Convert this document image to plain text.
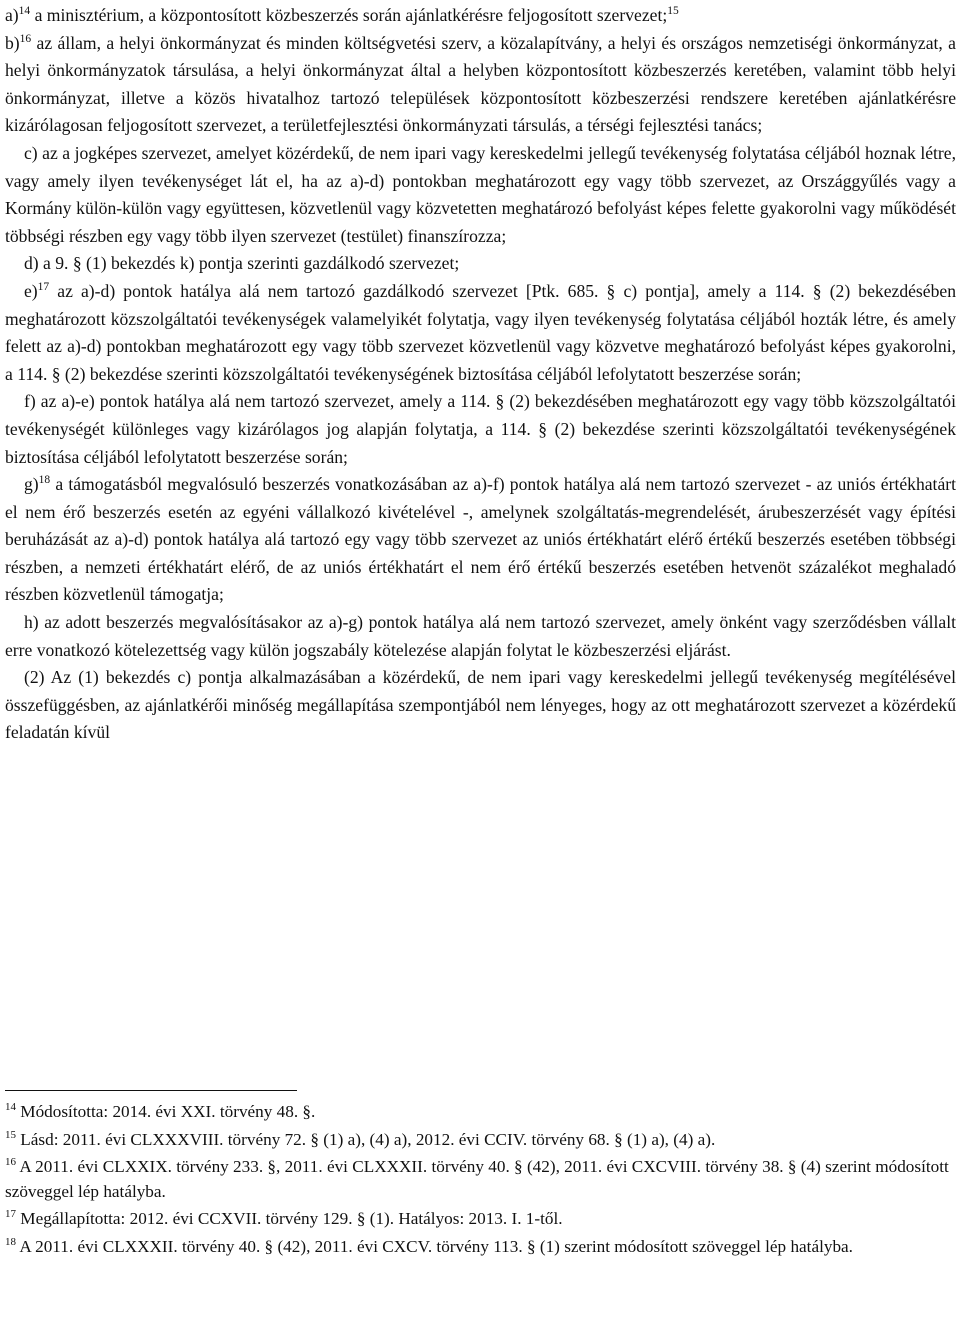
a)$^{14}$ a minisztérium, a központosított közbeszerzés során ajánlatkérésre feljogosított szervezet;$^{15}$

b)$^{16}$ az állam, a helyi önkormányzat és minden költségvetési szerv, a közalapítvány, a helyi és országos nemzetiségi önkormányzat, a helyi önkormányzatok társulása, a helyi önkormányzat által a helyben központosított közbeszerzés keretében, valamint több helyi önkormányzat, illetve a közös hivatalhoz tartozó települések központosított közbeszerzési rendszere keretében ajánlatkérésre kizárólagosan feljogosított szervezet, a területfejlesztési önkormányzati társulás, a térségi fejlesztési tanács;

c) az a jogképes szervezet, amelyet közérdekű, de nem ipari vagy kereskedelmi jellegű tevékenység folytatása céljából hoznak létre, vagy amely ilyen tevékenységet lát el, ha az a)-d) pontokban meghatározott egy vagy több szervezet, az Országgyűlés vagy a Kormány külön-külön vagy együttesen, közvetlenül vagy közvetetten meghatározó befolyást képes felette gyakorolni vagy működését többségi részben egy vagy több ilyen szervezet (testület) finanszírozza;

d) a 9. § (1) bekezdés k) pontja szerinti gazdálkodó szervezet;

e)$^{17}$ az a)-d) pontok hatálya alá nem tartozó gazdálkodó szervezet [Ptk. 685. § c) pontja], amely a 114. § (2) bekezdésében meghatározott közszolgáltatói tevékenységek valamelyikét folytatja, vagy ilyen tevékenység folytatása céljából hozták létre, és amely felett az a)-d) pontokban meghatározott egy vagy több szervezet közvetlenül vagy közvetve meghatározó befolyást képes gyakorolni, a 114. § (2) bekezdése szerinti közszolgáltatói tevékenységének biztosítása céljából lefolytatott beszerzése során;

f) az a)-e) pontok hatálya alá nem tartozó szervezet, amely a 114. § (2) bekezdésében meghatározott egy vagy több közszolgáltatói tevékenységét különleges vagy kizárólagos jog alapján folytatja, a 114. § (2) bekezdése szerinti közszolgáltatói tevékenységének biztosítása céljából lefolytatott beszerzése során;

g)$^{18}$ a támogatásból megvalósuló beszerzés vonatkozásában az a)-f) pontok hatálya alá nem tartozó szervezet - az uniós értékhatárt el nem érő beszerzés esetén az egyéni vállalkozó kivételével -, amelynek szolgáltatás-megrendelését, árubeszerzését vagy építési beruházását az a)-d) pontok hatálya alá tartozó egy vagy több szervezet az uniós értékhatárt elérő értékű beszerzés esetében többségi részben, a nemzeti értékhatárt elérő, de az uniós értékhatárt el nem érő értékű beszerzés esetében hetvenöt százalékot meghaladó részben közvetlenül támogatja;

h) az adott beszerzés megvalósításakor az a)-g) pontok hatálya alá nem tartozó szervezet, amely önként vagy szerződésben vállalt erre vonatkozó kötelezettség vagy külön jogszabály kötelezése alapján folytat le közbeszerzési eljárást.

(2) Az (1) bekezdés c) pontja alkalmazásában a közérdekű, de nem ipari vagy kereskedelmi jellegű tevékenység megítélésével összefüggésben, az ajánlatkérői minőség megállapítása szempontjából nem lényeges, hogy az ott meghatározott szervezet a közérdekű feladatán kívül

$^{14}$ Módosította: 2014. évi XXI. törvény 48. §.

$^{15}$ Lásd: 2011. évi CLXXXVIII. törvény 72. § (1) a), (4) a), 2012. évi CCIV. törvény 68. § (1) a), (4) a).

$^{16}$ A 2011. évi CLXXIX. törvény 233. §, 2011. évi CLXXXII. törvény 40. § (42), 2011. évi CXCVIII. törvény 38. § (4) szerint módosított szöveggel lép hatályba.

$^{17}$ Megállapította: 2012. évi CCXVII. törvény 129. § (1). Hatályos: 2013. I. 1-től.

$^{18}$ A 2011. évi CLXXXII. törvény 40. § (42), 2011. évi CXCV. törvény 113. § (1) szerint módosított szöveggel lép hatályba.
